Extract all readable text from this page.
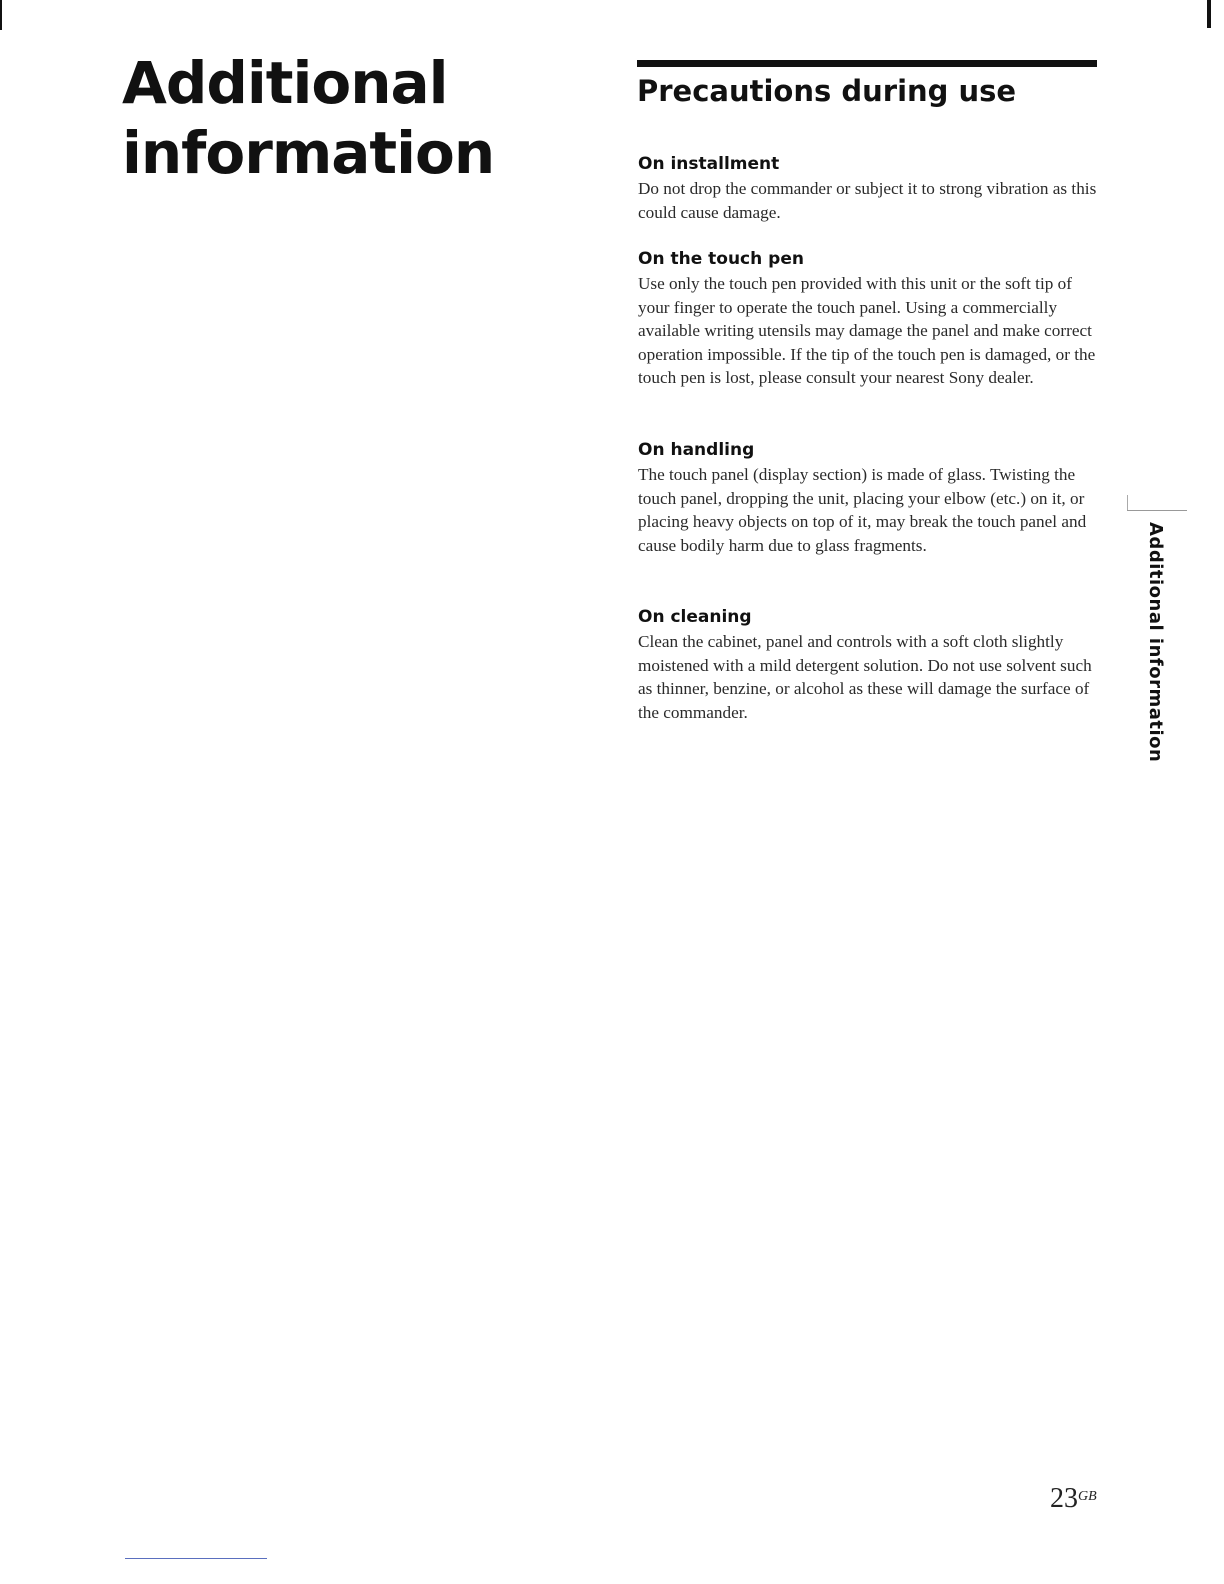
Additional
information
Precautions during use
On installment

Do not drop the commander or subject it to strong vibration as this could cause damage.

On the touch pen

Use only the touch pen provided with this unit or the soft tip of your finger to operate the touch panel. Using a commercially available writing utensils may damage the panel and make correct operation impossible. If the tip of the touch pen is damaged, or the touch pen is lost, please consult your nearest Sony dealer.

On handling

The touch panel (display section) is made of glass. Twisting the touch panel, dropping the unit, placing your elbow (etc.) on it, or placing heavy objects on top of it, may break the touch panel and cause bodily harm due to glass fragments.

On cleaning

Clean the cabinet, panel and controls with a soft cloth slightly moistened with a mild detergent solution. Do not use solvent such as thinner, benzine, or alcohol as these will damage the surface of the commander.	Additional information
$23^{GB}$
